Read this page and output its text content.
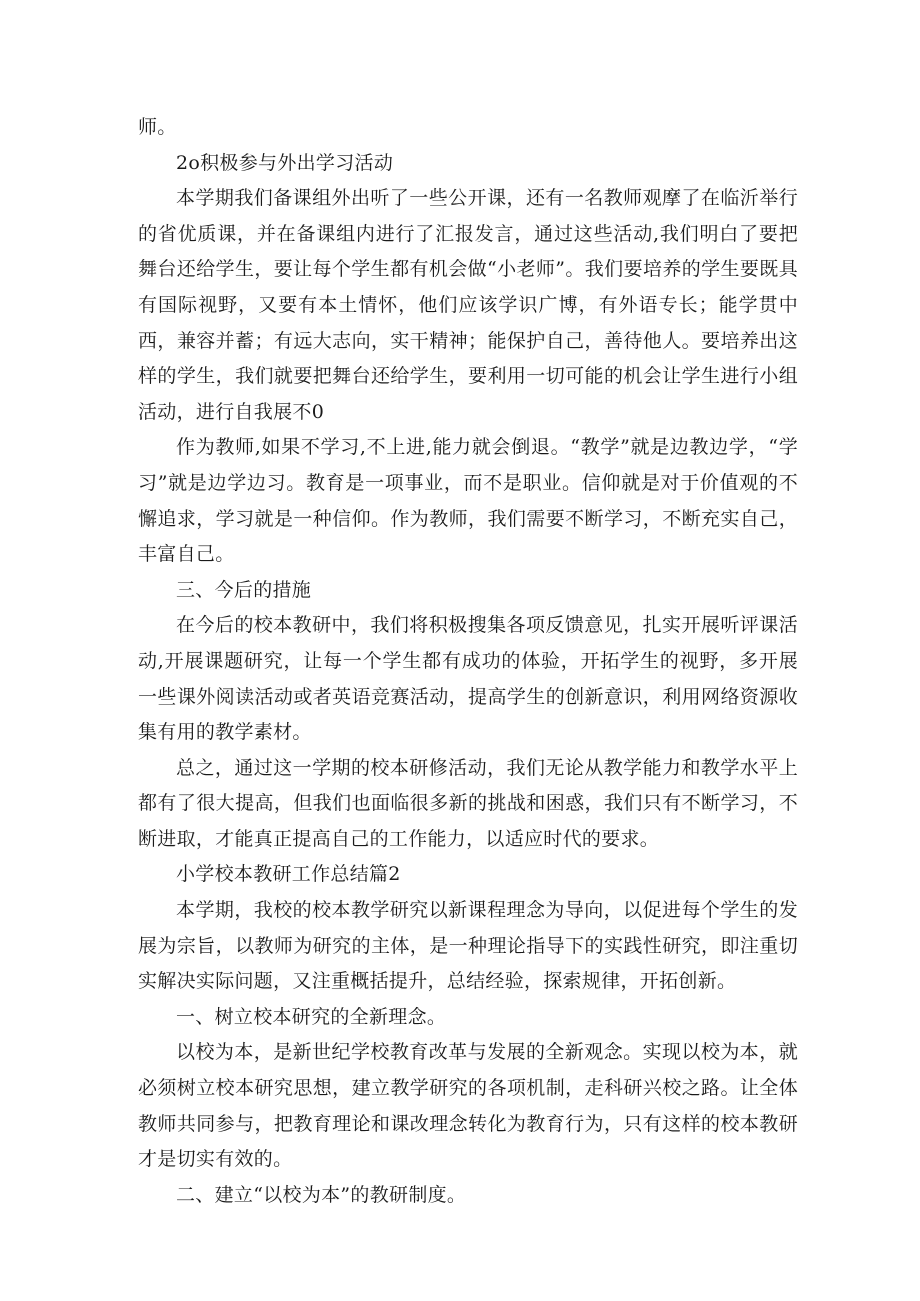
师。

2o积极参与外出学习活动

本学期我们备课组外出听了一些公开课，还有一名教师观摩了在临沂举行的省优质课，并在备课组内进行了汇报发言，通过这些活动,我们明白了要把舞台还给学生，要让每个学生都有机会做“小老师”。我们要培养的学生要既具有国际视野，又要有本土情怀，他们应该学识广博，有外语专长；能学贯中西，兼容并蓄；有远大志向，实干精神；能保护自己，善待他人。要培养出这样的学生，我们就要把舞台还给学生，要利用一切可能的机会让学生进行小组活动，进行自我展不0

作为教师,如果不学习,不上进,能力就会倒退。“教学”就是边教边学，“学习”就是边学边习。教育是一项事业，而不是职业。信仰就是对于价值观的不懈追求，学习就是一种信仰。作为教师，我们需要不断学习，不断充实自己，丰富自己。

三、今后的措施

在今后的校本教研中，我们将积极搜集各项反馈意见，扎实开展听评课活动,开展课题研究，让每一个学生都有成功的体验，开拓学生的视野，多开展一些课外阅读活动或者英语竞赛活动，提高学生的创新意识，利用网络资源收集有用的教学素材。

总之，通过这一学期的校本研修活动，我们无论从教学能力和教学水平上都有了很大提高，但我们也面临很多新的挑战和困惑，我们只有不断学习，不断进取，才能真正提高自己的工作能力，以适应时代的要求。

小学校本教研工作总结篇2

本学期，我校的校本教学研究以新课程理念为导向，以促进每个学生的发展为宗旨，以教师为研究的主体，是一种理论指导下的实践性研究，即注重切实解决实际问题，又注重概括提升，总结经验，探索规律，开拓创新。

一、树立校本研究的全新理念。

以校为本，是新世纪学校教育改革与发展的全新观念。实现以校为本，就必须树立校本研究思想，建立教学研究的各项机制，走科研兴校之路。让全体教师共同参与，把教育理论和课改理念转化为教育行为，只有这样的校本教研才是切实有效的。

二、建立“以校为本”的教研制度。
